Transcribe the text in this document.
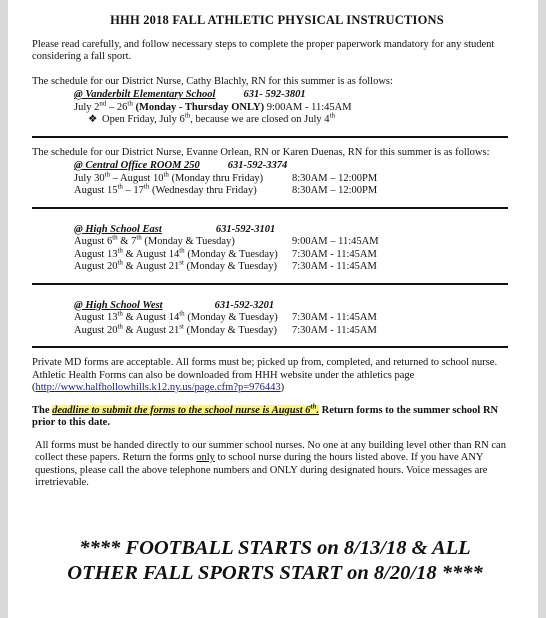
HHH 2018 FALL ATHLETIC PHYSICAL INSTRUCTIONS

Please read carefully, and follow necessary steps to complete the proper paperwork mandatory for any student considering a fall sport.

The schedule for our District Nurse, Cathy Blachly, RN for this summer is as follows:

@ Vanderbilt Elementary School	631- 592-3801
July 2nd – 26th (Monday - Thursday ONLY) 9:00AM - 11:45AM
❖ Open Friday, July 6th, because we are closed on July 4th

The schedule for our District Nurse, Evanne Orlean, RN or Karen Duenas, RN for this summer is as follows:

@ Central Office ROOM 250	631-592-3374
July 30th – August 10th (Monday thru Friday)	8:30AM – 12:00PM
August 15th – 17th (Wednesday thru Friday)	8:30AM – 12:00PM
@ High School East	631-592-3101
August 6th & 7th (Monday & Tuesday)	9:00AM – 11:45AM
August 13th & August 14th (Monday & Tuesday) 7:30AM - 11:45AM
August 20th & August 21st (Monday & Tuesday) 7:30AM - 11:45AM
@ High School West	631-592-3201
August 13th & August 14th (Monday & Tuesday) 7:30AM - 11:45AM
August 20th & August 21st (Monday & Tuesday) 7:30AM - 11:45AM

Private MD forms are acceptable. All forms must be; picked up from, completed, and returned to school nurse. Athletic Health Forms can also be downloaded from HHH website under the athletics page (http://www.halfhollowhills.k12.ny.us/page.cfm?p=976443)

The deadline to submit the forms to the school nurse is August 6th. Return forms to the summer school RN prior to this date.

All forms must be handed directly to our summer school nurses. No one at any building level other than RN can collect these papers. Return the forms only to school nurse during the hours listed above. If you have ANY questions, please call the above telephone numbers and ONLY during designated hours. Voice messages are irretrievable.

**** FOOTBALL STARTS on 8/13/18 & ALL
OTHER FALL SPORTS START on 8/20/18 ****
